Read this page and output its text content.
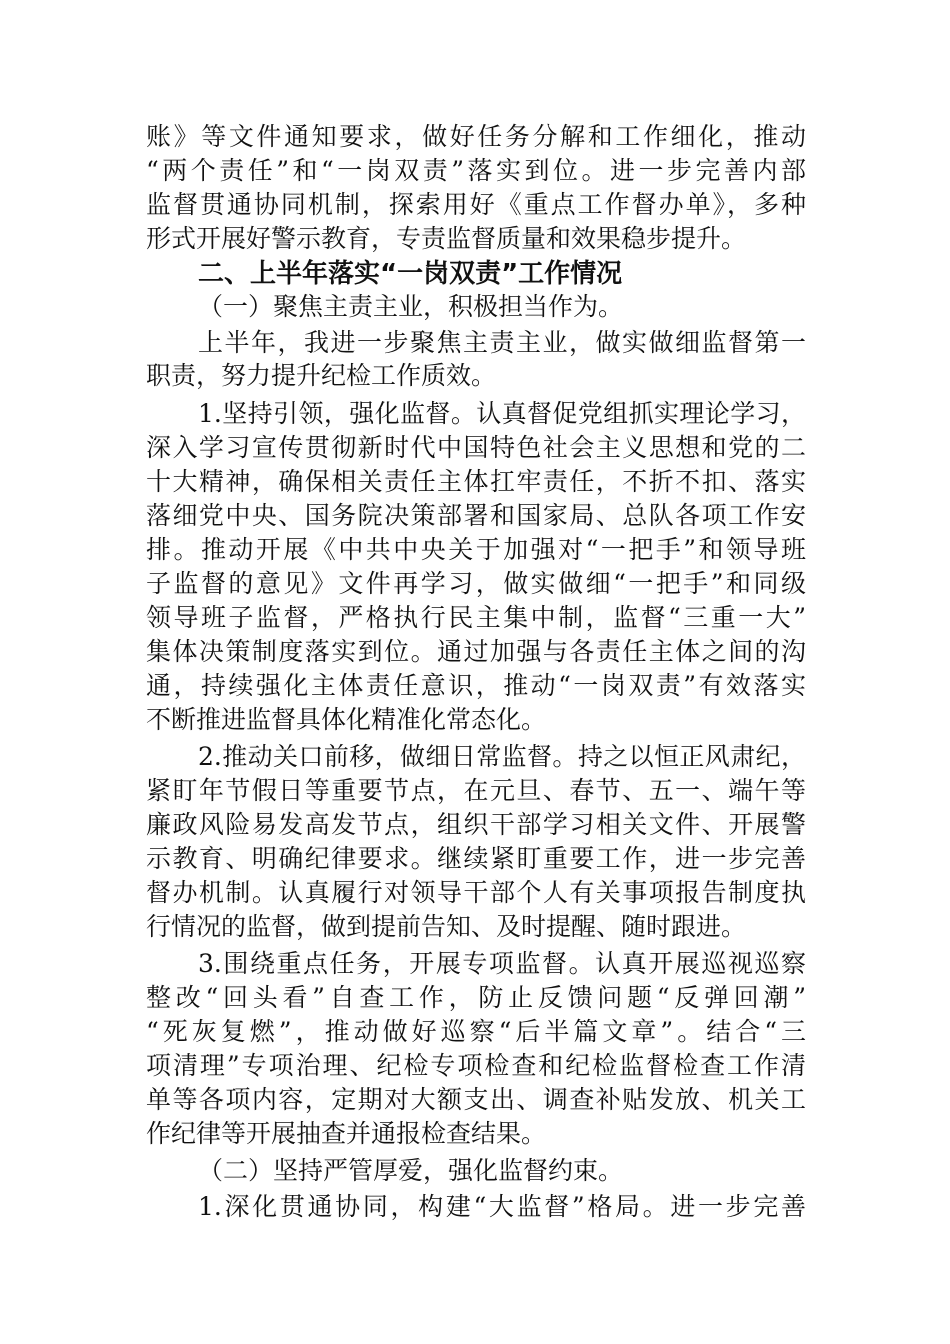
账》等文件通知要求，做好任务分解和工作细化，推动
“两个责任”和“一岗双责”落实到位。进一步完善内部
监督贯通协同机制，探索用好《重点工作督办单》，多种
形式开展好警示教育，专责监督质量和效果稳步提升。
二、上半年落实“一岗双责”工作情况
（一）聚焦主责主业，积极担当作为。
上半年，我进一步聚焦主责主业，做实做细监督第一
职责，努力提升纪检工作质效。
1.坚持引领，强化监督。认真督促党组抓实理论学习，
深入学习宣传贯彻新时代中国特色社会主义思想和党的二
十大精神，确保相关责任主体扛牢责任，不折不扣、落实
落细党中央、国务院决策部署和国家局、总队各项工作安
排。推动开展《中共中央关于加强对“一把手”和领导班
子监督的意见》文件再学习，做实做细“一把手”和同级
领导班子监督，严格执行民主集中制，监督“三重一大”
集体决策制度落实到位。通过加强与各责任主体之间的沟
通，持续强化主体责任意识，推动“一岗双责”有效落实
不断推进监督具体化精准化常态化。
2.推动关口前移，做细日常监督。持之以恒正风肃纪，
紧盯年节假日等重要节点，在元旦、春节、五一、端午等
廉政风险易发高发节点，组织干部学习相关文件、开展警
示教育、明确纪律要求。继续紧盯重要工作，进一步完善
督办机制。认真履行对领导干部个人有关事项报告制度执
行情况的监督，做到提前告知、及时提醒、随时跟进。
3.围绕重点任务，开展专项监督。认真开展巡视巡察
整改“回头看”自查工作，防止反馈问题“反弹回潮”
“死灰复燃”，推动做好巡察“后半篇文章”。结合“三
项清理”专项治理、纪检专项检查和纪检监督检查工作清
单等各项内容，定期对大额支出、调查补贴发放、机关工
作纪律等开展抽查并通报检查结果。
（二）坚持严管厚爱，强化监督约束。
1.深化贯通协同，构建“大监督”格局。进一步完善
